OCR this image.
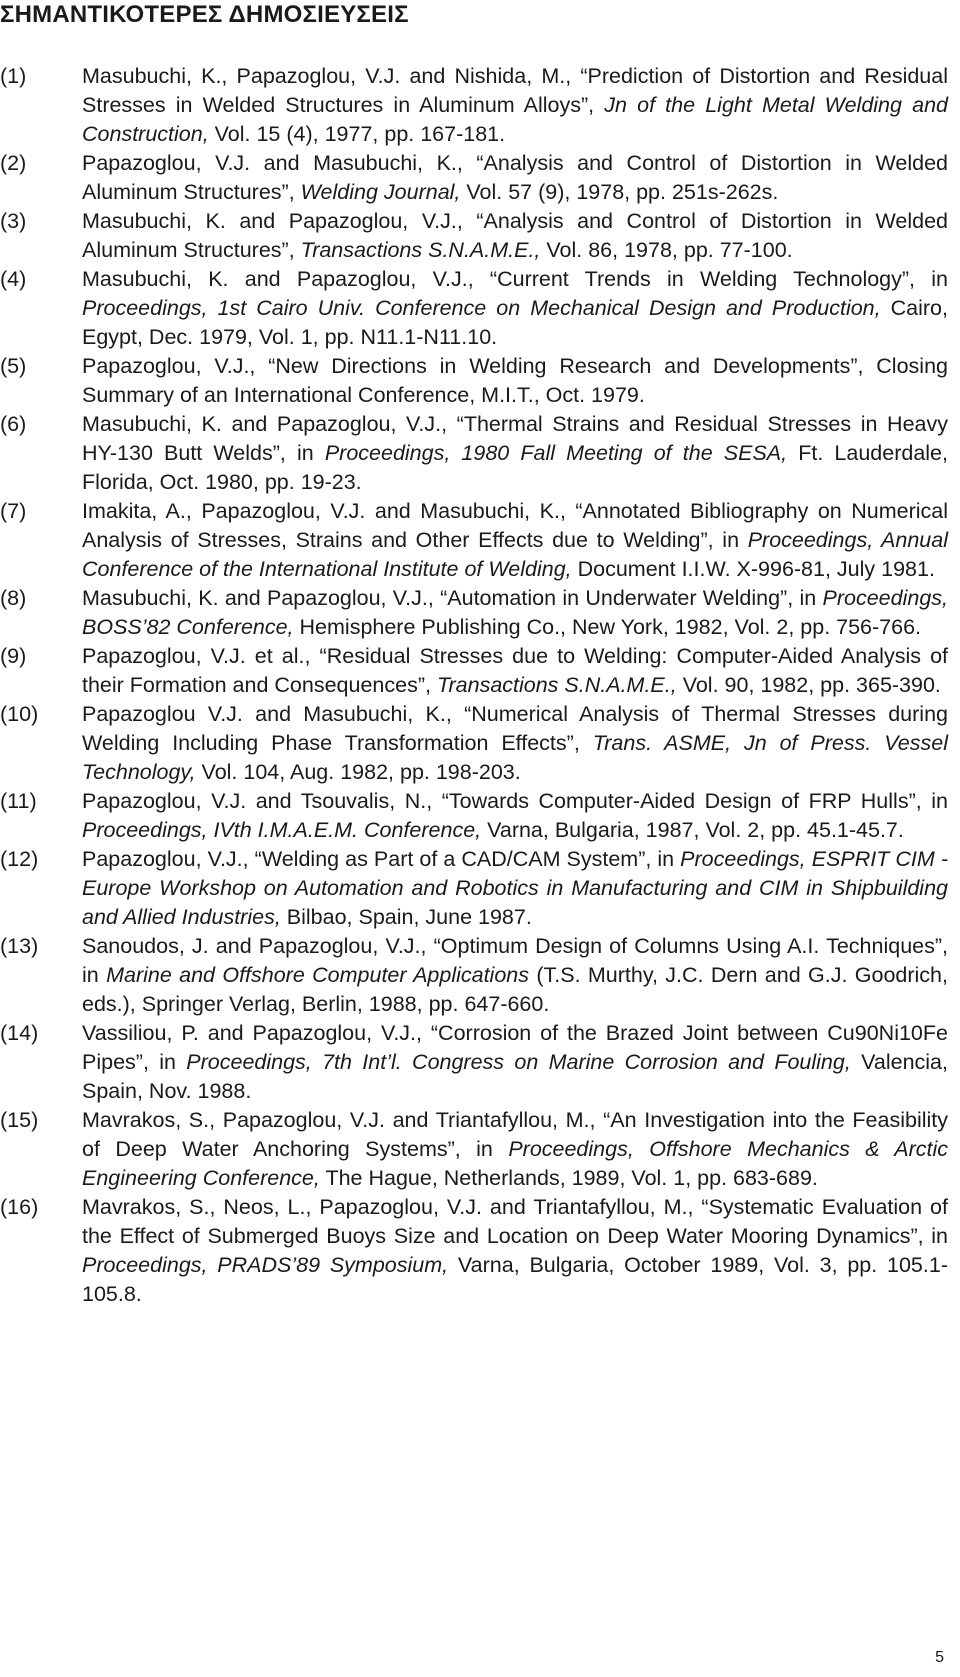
ΣΗΜΑΝΤΙΚΟΤΕΡΕΣ ΔΗΜΟΣΙΕΥΣΕΙΣ
(1)	Masubuchi, K., Papazoglou, V.J. and Nishida, M., “Prediction of Distortion and Residual Stresses in Welded Structures in Aluminum Alloys”, Jn of the Light Metal Welding and Construction, Vol. 15 (4), 1977, pp. 167-181.
(2)	Papazoglou, V.J. and Masubuchi, K., “Analysis and Control of Distortion in Welded Aluminum Structures”, Welding Journal, Vol. 57 (9), 1978, pp. 251s-262s.
(3)	Masubuchi, K. and Papazoglou, V.J., “Analysis and Control of Distortion in Welded Aluminum Structures”, Transactions S.N.A.M.E., Vol. 86, 1978, pp. 77-100.
(4)	Masubuchi, K. and Papazoglou, V.J., “Current Trends in Welding Technology”, in Proceedings, 1st Cairo Univ. Conference on Mechanical Design and Production, Cairo, Egypt, Dec. 1979, Vol. 1, pp. N11.1-N11.10.
(5)	Papazoglou, V.J., “New Directions in Welding Research and Developments”, Closing Summary of an International Conference, M.I.T., Oct. 1979.
(6)	Masubuchi, K. and Papazoglou, V.J., “Thermal Strains and Residual Stresses in Heavy HY-130 Butt Welds”, in Proceedings, 1980 Fall Meeting of the SESA, Ft. Lauderdale, Florida, Oct. 1980, pp. 19-23.
(7)	Imakita, A., Papazoglou, V.J. and Masubuchi, K., “Annotated Bibliography on Numerical Analysis of Stresses, Strains and Other Effects due to Welding”, in Proceedings, Annual Conference of the International Institute of Welding, Document I.I.W. X-996-81, July 1981.
(8)	Masubuchi, K. and Papazoglou, V.J., “Automation in Underwater Welding”, in Proceedings, BOSS’82 Conference, Hemisphere Publishing Co., New York, 1982, Vol. 2, pp. 756-766.
(9)	Papazoglou, V.J. et al., “Residual Stresses due to Welding: Computer-Aided Analysis of their Formation and Consequences”, Transactions S.N.A.M.E., Vol. 90, 1982, pp. 365-390.
(10)	Papazoglou V.J. and Masubuchi, K., “Numerical Analysis of Thermal Stresses during Welding Including Phase Transformation Effects”, Trans. ASME, Jn of Press. Vessel Technology, Vol. 104, Aug. 1982, pp. 198-203.
(11)	Papazoglou, V.J. and Tsouvalis, N., “Towards Computer-Aided Design of FRP Hulls”, in Proceedings, IVth I.M.A.E.M. Conference, Varna, Bulgaria, 1987, Vol. 2, pp. 45.1-45.7.
(12)	Papazoglou, V.J., “Welding as Part of a CAD/CAM System”, in Proceedings, ESPRIT CIM - Europe Workshop on Automation and Robotics in Manufacturing and CIM in Shipbuilding and Allied Industries, Bilbao, Spain, June 1987.
(13)	Sanoudos, J. and Papazoglou, V.J., “Optimum Design of Columns Using A.I. Techniques”, in Marine and Offshore Computer Applications (T.S. Murthy, J.C. Dern and G.J. Goodrich, eds.), Springer Verlag, Berlin, 1988, pp. 647-660.
(14)	Vassiliou, P. and Papazoglou, V.J., “Corrosion of the Brazed Joint between Cu90Ni10Fe Pipes”, in Proceedings, 7th Int’l. Congress on Marine Corrosion and Fouling, Valencia, Spain, Nov. 1988.
(15)	Mavrakos, S., Papazoglou, V.J. and Triantafyllou, M., “An Investigation into the Feasibility of Deep Water Anchoring Systems”, in Proceedings, Offshore Mechanics & Arctic Engineering Conference, The Hague, Netherlands, 1989, Vol. 1, pp. 683-689.
(16)	Mavrakos, S., Neos, L., Papazoglou, V.J. and Triantafyllou, M., “Systematic Evaluation of the Effect of Submerged Buoys Size and Location on Deep Water Mooring Dynamics”, in Proceedings, PRADS’89 Symposium, Varna, Bulgaria, October 1989, Vol. 3, pp. 105.1-105.8.
5
